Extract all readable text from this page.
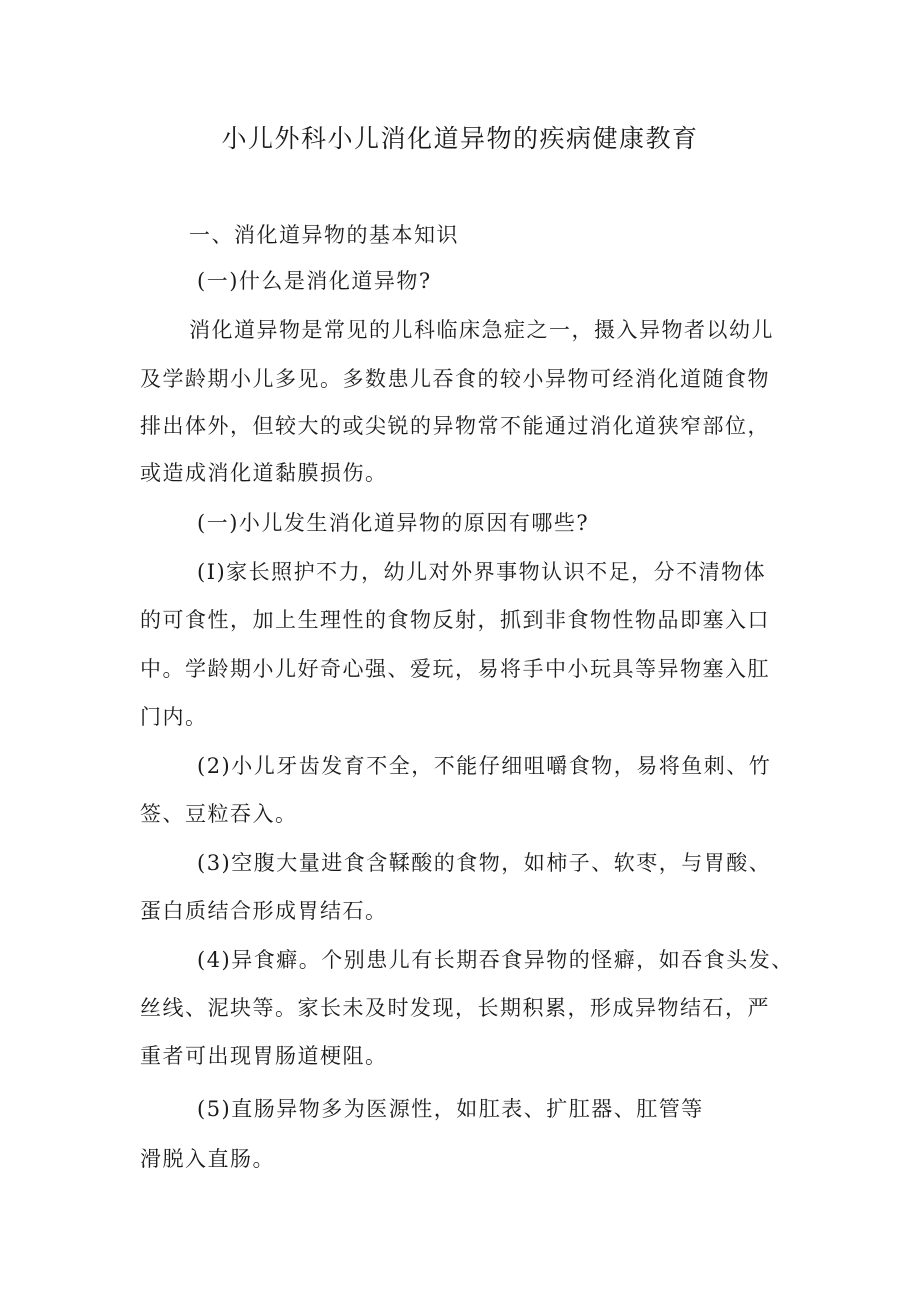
小儿外科小儿消化道异物的疾病健康教育
一、消化道异物的基本知识
(一)什么是消化道异物?
消化道异物是常见的儿科临床急症之一，摄入异物者以幼儿
及学龄期小儿多见。多数患儿吞食的较小异物可经消化道随食物
排出体外，但较大的或尖锐的异物常不能通过消化道狭窄部位，
或造成消化道黏膜损伤。
(一)小儿发生消化道异物的原因有哪些?
(I)家长照护不力，幼儿对外界事物认识不足，分不清物体
的可食性，加上生理性的食物反射，抓到非食物性物品即塞入口
中。学龄期小儿好奇心强、爱玩，易将手中小玩具等异物塞入肛
门内。
(2)小儿牙齿发育不全，不能仔细咀嚼食物，易将鱼刺、竹
签、豆粒吞入。
(3)空腹大量进食含鞣酸的食物，如柿子、软枣，与胃酸、
蛋白质结合形成胃结石。
(4)异食癖。个别患儿有长期吞食异物的怪癖，如吞食头发、
丝线、泥块等。家长未及时发现，长期积累，形成异物结石，严
重者可出现胃肠道梗阻。
(5)直肠异物多为医源性，如肛表、扩肛器、肛管等
滑脱入直肠。
